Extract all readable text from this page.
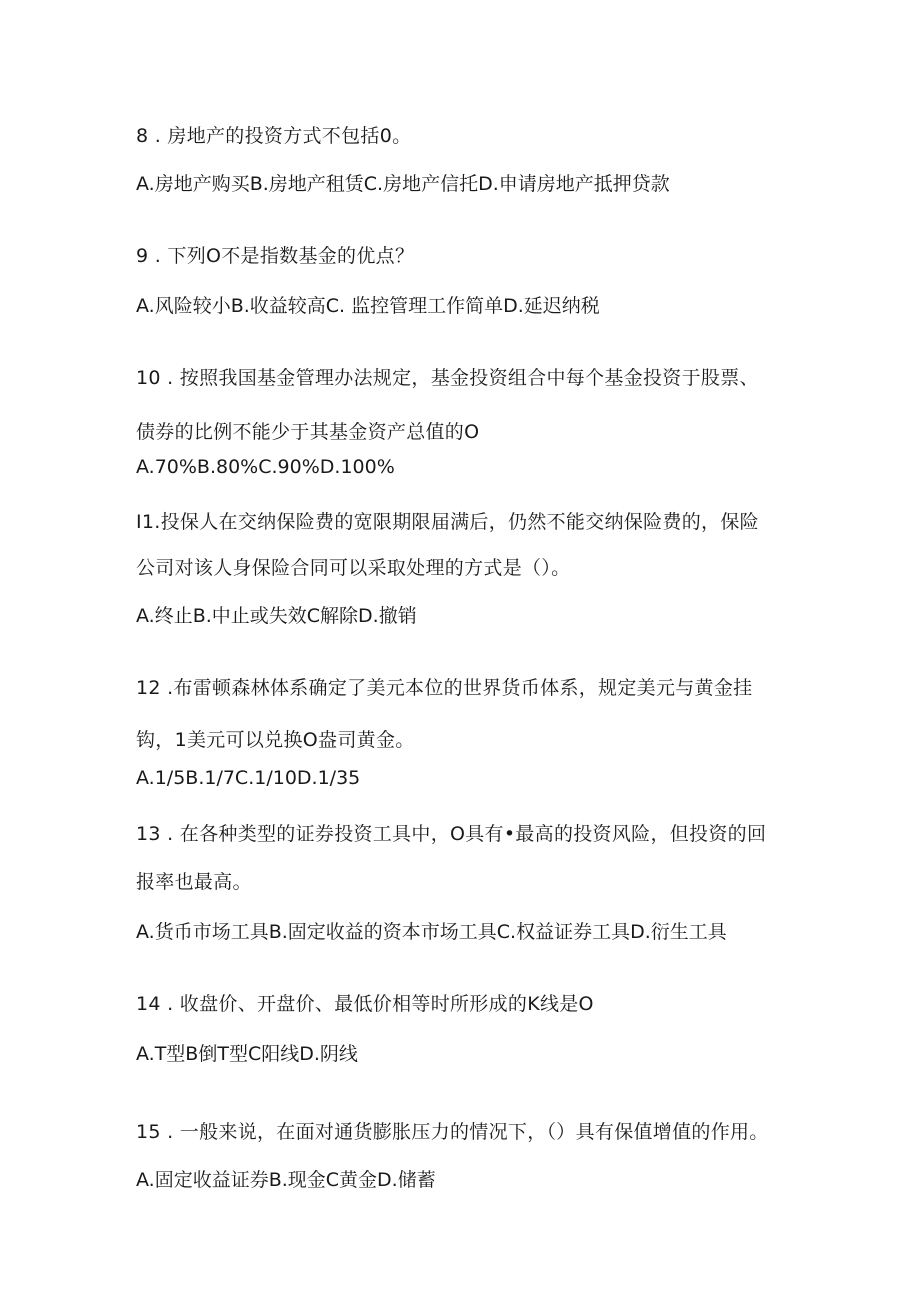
8 . 房地产的投资方式不包括0。
A.房地产购买B.房地产租赁C.房地产信托D.申请房地产抵押贷款
9 . 下列O不是指数基金的优点？
A.风险较小B.收益较高C. 监控管理工作简单D.延迟纳税
10 . 按照我国基金管理办法规定，基金投资组合中每个基金投资于股票、
债券的比例不能少于其基金资产总值的O
A.70%B.80%C.90%D.100%
I1.投保人在交纳保险费的宽限期限届满后，仍然不能交纳保险费的，保险
公司对该人身保险合同可以采取处理的方式是（）。
A.终止B.中止或失效C解除D.撤销
12 .布雷顿森林体系确定了美元本位的世界货币体系，规定美元与黄金挂
钩，1美元可以兑换O盎司黄金。
A.1/5B.1/7C.1/10D.1/35
13 . 在各种类型的证券投资工具中，O具有•最高的投资风险，但投资的回
报率也最高。
A.货币市场工具B.固定收益的资本市场工具C.权益证券工具D.衍生工具
14 . 收盘价、开盘价、最低价相等时所形成的K线是O
A.T型B倒T型C阳线D.阴线
15 . 一般来说，在面对通货膨胀压力的情况下，（）具有保值增值的作用。
A.固定收益证券B.现金C黄金D.储蓄
